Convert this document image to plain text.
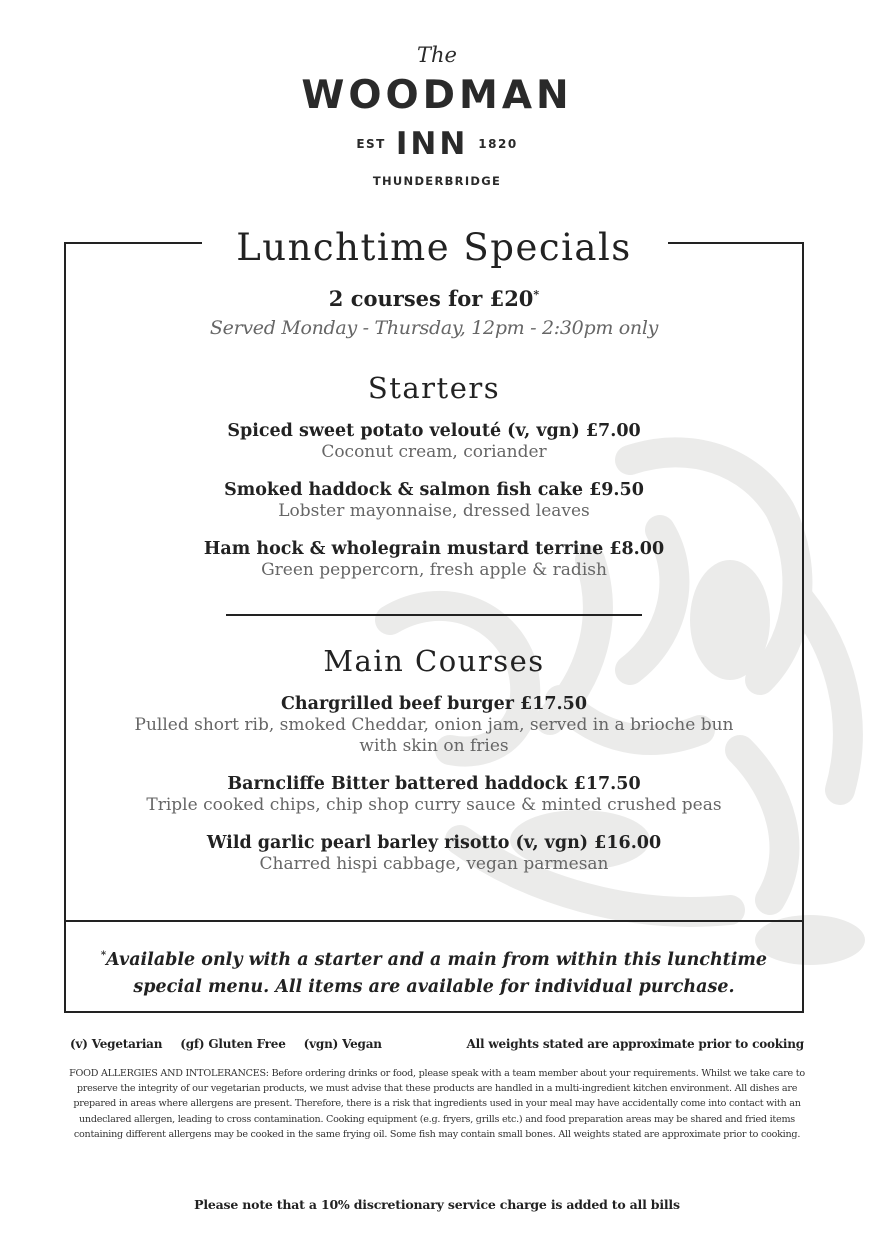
The
WOODMAN
EST INN 1820
THUNDERBRIDGE
Lunchtime Specials
2 courses for £20*
Served Monday - Thursday, 12pm - 2:30pm only
Starters
Spiced sweet potato velouté (v, vgn) £7.00
Coconut cream, coriander
Smoked haddock & salmon fish cake £9.50
Lobster mayonnaise, dressed leaves
Ham hock & wholegrain mustard terrine £8.00
Green peppercorn, fresh apple & radish
Main Courses
Chargrilled beef burger £17.50
Pulled short rib, smoked Cheddar, onion jam, served in a brioche bun with skin on fries
Barncliffe Bitter battered haddock £17.50
Triple cooked chips, chip shop curry sauce & minted crushed peas
Wild garlic pearl barley risotto (v, vgn) £16.00
Charred hispi cabbage, vegan parmesan
*Available only with a starter and a main from within this lunchtime special menu. All items are available for individual purchase.
(v) Vegetarian (gf) Gluten Free (vgn) Vegan	All weights stated are approximate prior to cooking
FOOD ALLERGIES AND INTOLERANCES: Before ordering drinks or food, please speak with a team member about your requirements. Whilst we take care to preserve the integrity of our vegetarian products, we must advise that these products are handled in a multi-ingredient kitchen environment. All dishes are prepared in areas where allergens are present. Therefore, there is a risk that ingredients used in your meal may have accidentally come into contact with an undeclared allergen, leading to cross contamination. Cooking equipment (e.g. fryers, grills etc.) and food preparation areas may be shared and fried items containing different allergens may be cooked in the same frying oil. Some fish may contain small bones. All weights stated are approximate prior to cooking.
Please note that a 10% discretionary service charge is added to all bills
